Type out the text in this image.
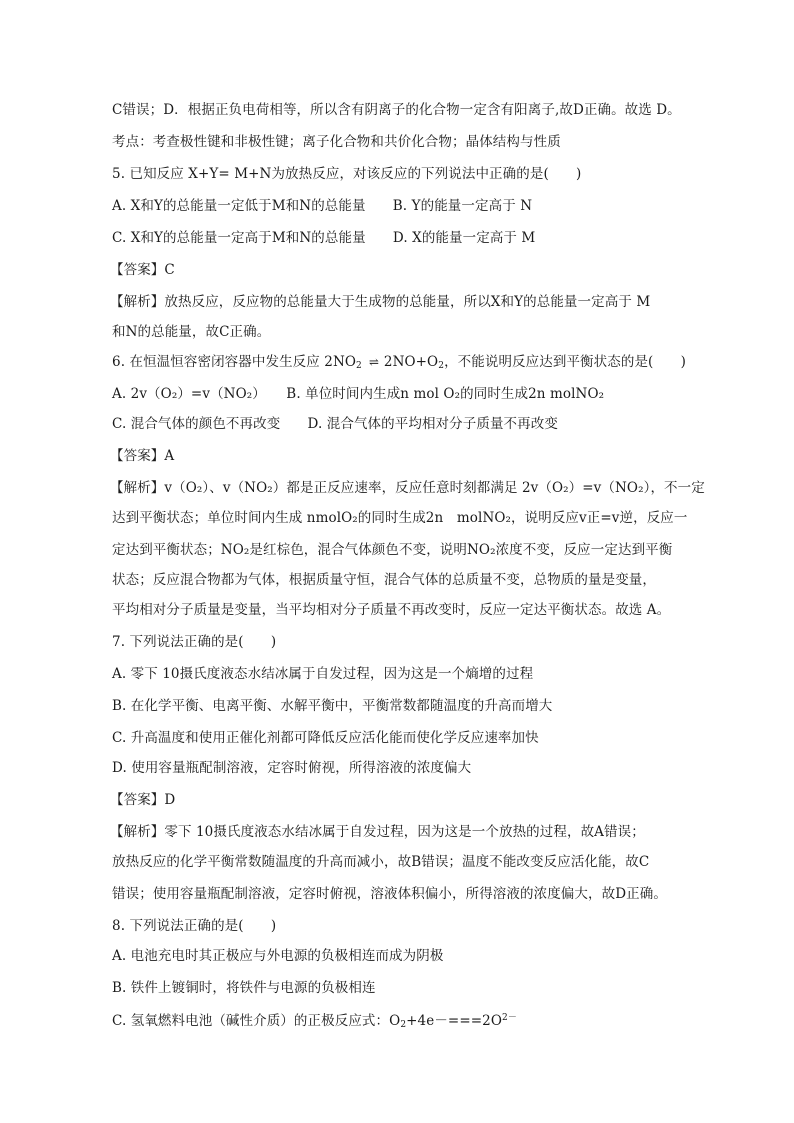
C错误；D．根据正负电荷相等，所以含有阴离子的化合物一定含有阳离子,故D正确。故选 D。
考点：考查极性键和非极性键；离子化合物和共价化合物；晶体结构与性质
5. 已知反应 X+Y= M+N为放热反应，对该反应的下列说法中正确的是(　　)
A. X和Y的总能量一定低于M和N的总能量　　B. Y的能量一定高于 N
C. X和Y的总能量一定高于M和N的总能量　　D. X的能量一定高于 M
【答案】C
【解析】放热反应，反应物的总能量大于生成物的总能量，所以X和Y的总能量一定高于 M
和N的总能量，故C正确。
6. 在恒温恒容密闭容器中发生反应 $2NO_2$ ⇌ $2NO+O_2$，不能说明反应达到平衡状态的是(　　)
A. 2v（O₂）=v（NO₂）　　B. 单位时间内生成n mol O₂的同时生成2n molNO₂
C. 混合气体的颜色不再改变　　D. 混合气体的平均相对分子质量不再改变
【答案】A
【解析】v（O₂）、v（NO₂）都是正反应速率，反应任意时刻都满足 2v（O₂）=v（NO₂），不一定
达到平衡状态；单位时间内生成 nmolO₂的同时生成2n　molNO₂，说明反应v正=v逆，反应一
定达到平衡状态；NO₂是红棕色，混合气体颜色不变，说明NO₂浓度不变，反应一定达到平衡
状态；反应混合物都为气体，根据质量守恒，混合气体的总质量不变，总物质的量是变量，
平均相对分子质量是变量，当平均相对分子质量不再改变时，反应一定达平衡状态。故选 A。
7. 下列说法正确的是(　　)
A. 零下 10摄氏度液态水结冰属于自发过程，因为这是一个熵增的过程
B. 在化学平衡、电离平衡、水解平衡中，平衡常数都随温度的升高而增大
C. 升高温度和使用正催化剂都可降低反应活化能而使化学反应速率加快
D. 使用容量瓶配制溶液，定容时俯视，所得溶液的浓度偏大
【答案】D
【解析】零下 10摄氏度液态水结冰属于自发过程，因为这是一个放热的过程，故A错误；
放热反应的化学平衡常数随温度的升高而减小，故B错误；温度不能改变反应活化能，故C
错误；使用容量瓶配制溶液，定容时俯视，溶液体积偏小，所得溶液的浓度偏大，故D正确。
8. 下列说法正确的是(　　)
A. 电池充电时其正极应与外电源的负极相连而成为阴极
B. 铁件上镀铜时，将铁件与电源的负极相连
C. 氢氧燃料电池（碱性介质）的正极反应式：$O_2+4e-===2O^{2-}$
